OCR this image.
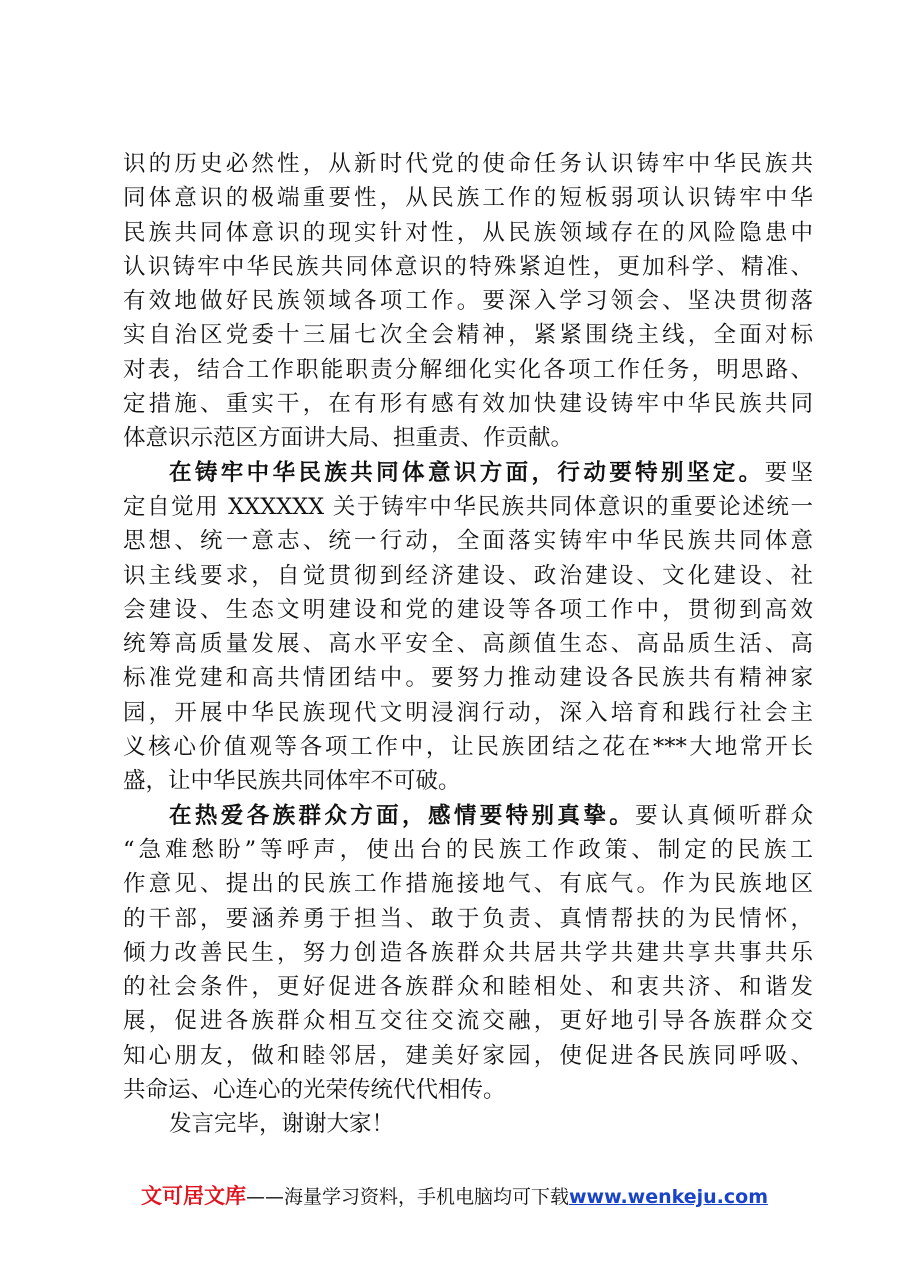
识的历史必然性，从新时代党的使命任务认识铸牢中华民族共
同体意识的极端重要性，从民族工作的短板弱项认识铸牢中华
民族共同体意识的现实针对性，从民族领域存在的风险隐患中
认识铸牢中华民族共同体意识的特殊紧迫性，更加科学、精准、
有效地做好民族领域各项工作。要深入学习领会、坚决贯彻落
实自治区党委十三届七次全会精神，紧紧围绕主线，全面对标
对表，结合工作职能职责分解细化实化各项工作任务，明思路、
定措施、重实干，在有形有感有效加快建设铸牢中华民族共同
体意识示范区方面讲大局、担重责、作贡献。
在铸牢中华民族共同体意识方面，行动要特别坚定。要坚
定自觉用 XXXXXX 关于铸牢中华民族共同体意识的重要论述统一
思想、统一意志、统一行动，全面落实铸牢中华民族共同体意
识主线要求，自觉贯彻到经济建设、政治建设、文化建设、社
会建设、生态文明建设和党的建设等各项工作中，贯彻到高效
统筹高质量发展、高水平安全、高颜值生态、高品质生活、高
标准党建和高共情团结中。要努力推动建设各民族共有精神家
园，开展中华民族现代文明浸润行动，深入培育和践行社会主
义核心价值观等各项工作中，让民族团结之花在***大地常开长
盛，让中华民族共同体牢不可破。
在热爱各族群众方面，感情要特别真挚。要认真倾听群众
“急难愁盼”等呼声，使出台的民族工作政策、制定的民族工
作意见、提出的民族工作措施接地气、有底气。作为民族地区
的干部，要涵养勇于担当、敢于负责、真情帮扶的为民情怀，
倾力改善民生，努力创造各族群众共居共学共建共享共事共乐
的社会条件，更好促进各族群众和睦相处、和衷共济、和谐发
展，促进各族群众相互交往交流交融，更好地引导各族群众交
知心朋友，做和睦邻居，建美好家园，使促进各民族同呼吸、
共命运、心连心的光荣传统代代相传。
发言完毕，谢谢大家！
文可居文库——海量学习资料，手机电脑均可下载www.wenkeju.com
